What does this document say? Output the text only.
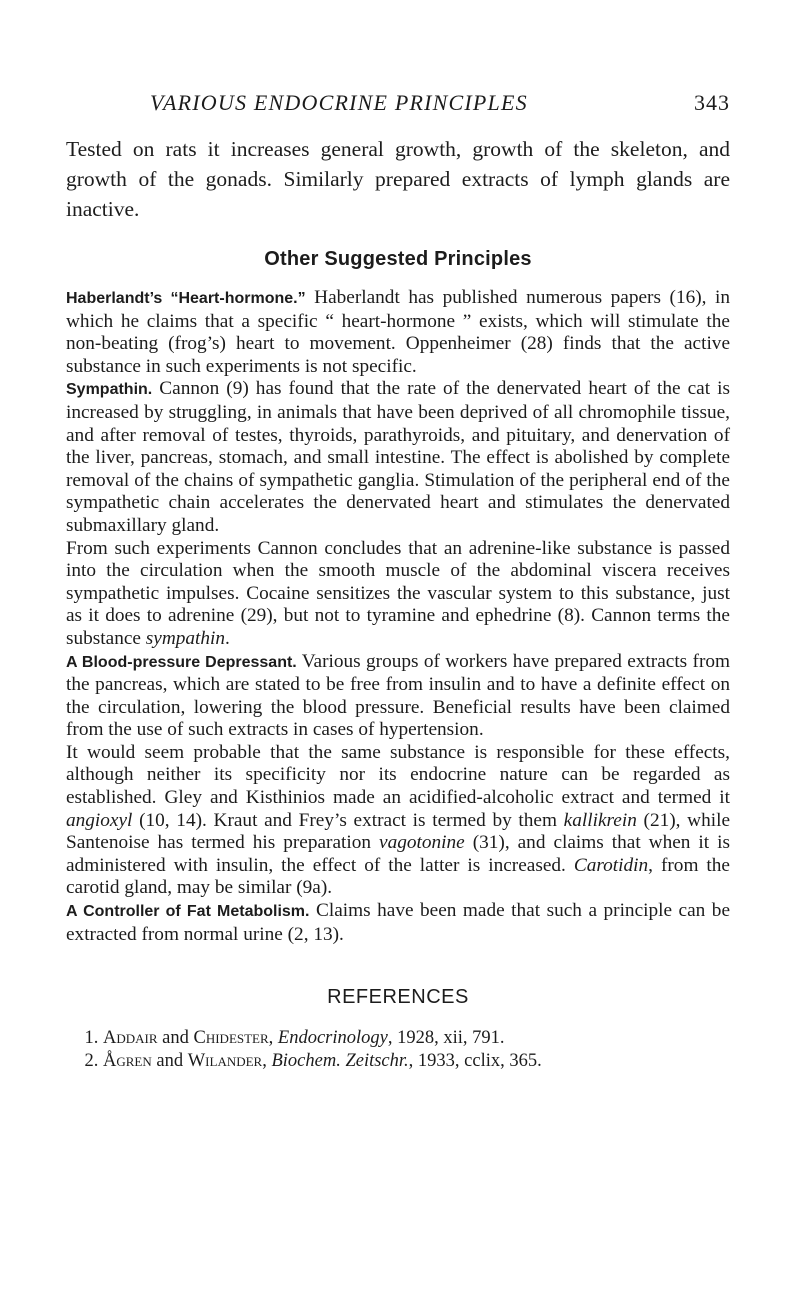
VARIOUS ENDOCRINE PRINCIPLES	343

Tested on rats it increases general growth, growth of the skeleton, and growth of the gonads. Similarly prepared extracts of lymph glands are inactive.

Other Suggested Principles

Haberlandt’s “Heart-hormone.” Haberlandt has published numerous papers (16), in which he claims that a specific “ heart-hormone ” exists, which will stimulate the non-beating (frog’s) heart to movement. Oppenheimer (28) finds that the active substance in such experiments is not specific.

Sympathin. Cannon (9) has found that the rate of the denervated heart of the cat is increased by struggling, in animals that have been deprived of all chromophile tissue, and after removal of testes, thyroids, parathyroids, and pituitary, and denervation of the liver, pancreas, stomach, and small intestine. The effect is abolished by complete removal of the chains of sympathetic ganglia. Stimulation of the peripheral end of the sympathetic chain accelerates the denervated heart and stimulates the denervated submaxillary gland.

From such experiments Cannon concludes that an adrenine-like substance is passed into the circulation when the smooth muscle of the abdominal viscera receives sympathetic impulses. Cocaine sensitizes the vascular system to this substance, just as it does to adrenine (29), but not to tyramine and ephedrine (8). Cannon terms the substance sympathin.

A Blood-pressure Depressant. Various groups of workers have prepared extracts from the pancreas, which are stated to be free from insulin and to have a definite effect on the circulation, lowering the blood pressure. Beneficial results have been claimed from the use of such extracts in cases of hypertension.

It would seem probable that the same substance is responsible for these effects, although neither its specificity nor its endocrine nature can be regarded as established. Gley and Kisthinios made an acidified-alcoholic extract and termed it angioxyl (10, 14). Kraut and Frey’s extract is termed by them kallikrein (21), while Santenoise has termed his preparation vagotonine (31), and claims that when it is administered with insulin, the effect of the latter is increased. Carotidin, from the carotid gland, may be similar (9a).

A Controller of Fat Metabolism. Claims have been made that such a principle can be extracted from normal urine (2, 13).

REFERENCES

 1. Addair and Chidester, Endocrinology, 1928, xii, 791.

 2. Ågren and Wilander, Biochem. Zeitschr., 1933, cclix, 365.
